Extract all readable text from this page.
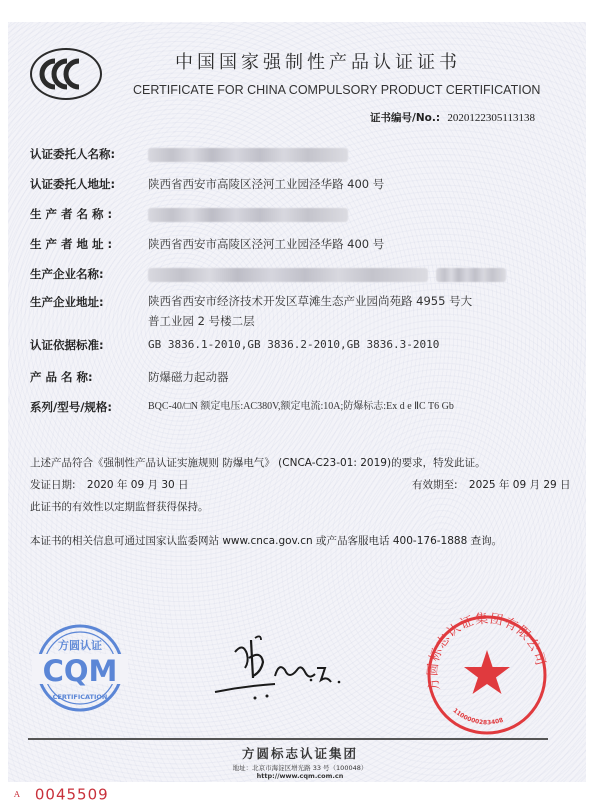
中国国家强制性产品认证证书
CERTIFICATE FOR CHINA COMPULSORY PRODUCT CERTIFICATION
证书编号/No.: 2020122305113138
认证委托人名称:
认证委托人地址:	陕西省西安市高陵区泾河工业园泾华路 400 号
生 产 者 名 称 :
生 产 者 地 址 :	陕西省西安市高陵区泾河工业园泾华路 400 号
生产企业名称:
生产企业地址:	陕西省西安市经济技术开发区草滩生态产业园尚苑路 4955 号大
普工业园 2 号楼二层
认证依据标准:	GB 3836.1-2010,GB 3836.2-2010,GB 3836.3-2010
产 品 名 称:	防爆磁力起动器
系列/型号/规格:	BQC-40/□N 额定电压:AC380V,额定电流:10A;防爆标志:Ex d e ⅡC T6 Gb
上述产品符合《强制性产品认证实施规则 防爆电气》 (CNCA-C23-01: 2019)的要求，特发此证。
发证日期: 2020 年 09 月 30 日	有效期至: 2025 年 09 月 29 日
此证书的有效性以定期监督获得保持。
本证书的相关信息可通过国家认监委网站 www.cnca.gov.cn 或产品客服电话 400-176-1888 查询。
方圆认证
CQM
CERTIFICATION
方圆标志认证集团有限公司
1100000283408
方圆标志认证集团
地址：北京市海淀区增光路 33 号（100048）
http://www.cqm.com.cn
A 0045509
